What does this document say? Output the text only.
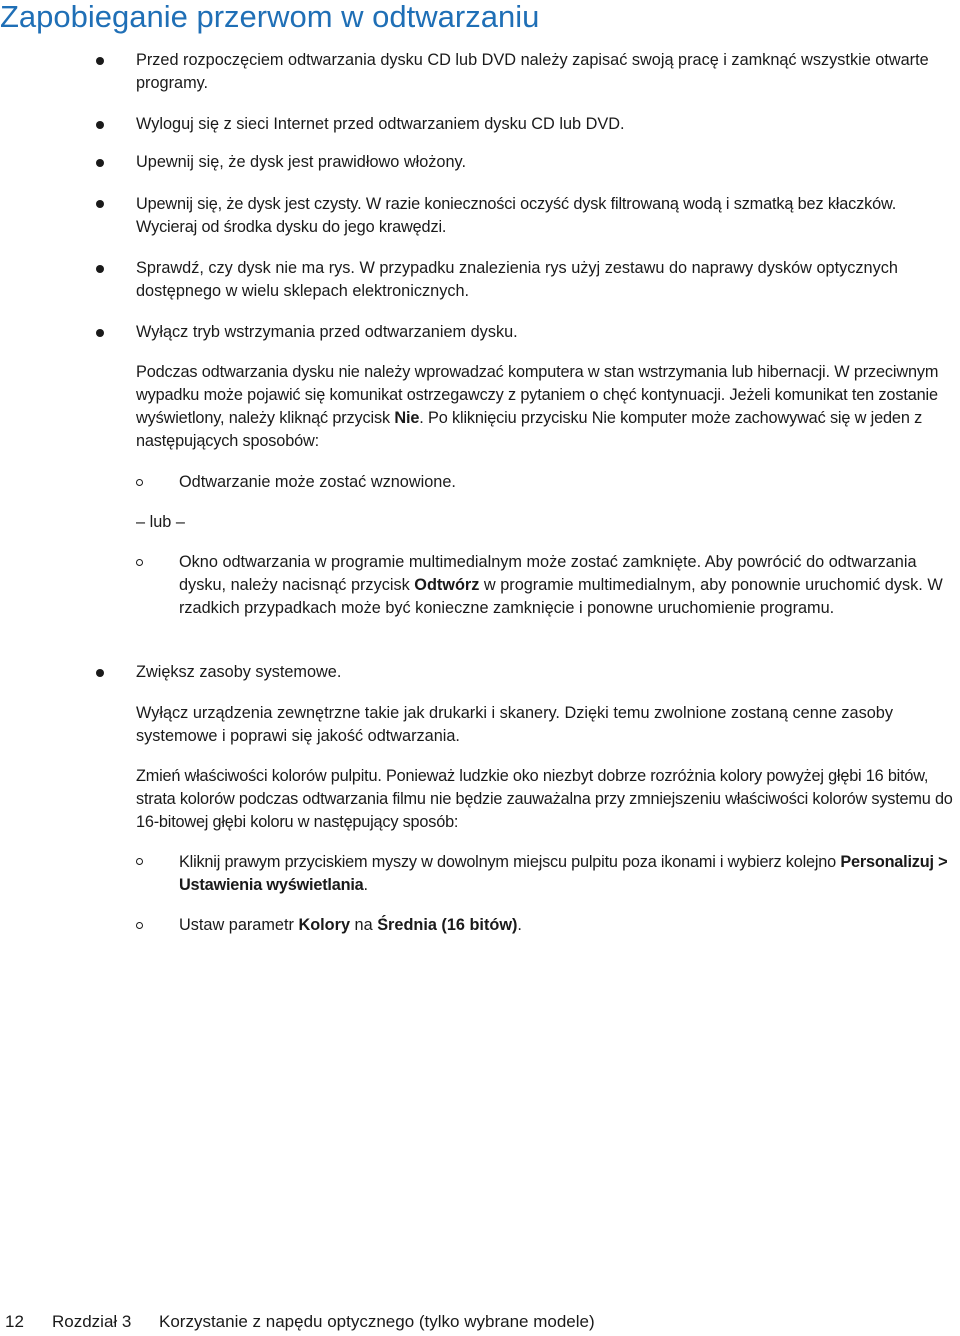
Zapobieganie przerwom w odtwarzaniu

Przed rozpoczęciem odtwarzania dysku CD lub DVD należy zapisać swoją pracę i zamknąć wszystkie otwarte programy.

Wyloguj się z sieci Internet przed odtwarzaniem dysku CD lub DVD.

Upewnij się, że dysk jest prawidłowo włożony.

Upewnij się, że dysk jest czysty. W razie konieczności oczyść dysk filtrowaną wodą i szmatką bez kłaczków. Wycieraj od środka dysku do jego krawędzi.

Sprawdź, czy dysk nie ma rys. W przypadku znalezienia rys użyj zestawu do naprawy dysków optycznych dostępnego w wielu sklepach elektronicznych.

Wyłącz tryb wstrzymania przed odtwarzaniem dysku.

Podczas odtwarzania dysku nie należy wprowadzać komputera w stan wstrzymania lub hibernacji. W przeciwnym wypadku może pojawić się komunikat ostrzegawczy z pytaniem o chęć kontynuacji. Jeżeli komunikat ten zostanie wyświetlony, należy kliknąć przycisk Nie. Po kliknięciu przycisku Nie komputer może zachowywać się w jeden z następujących sposobów:

Odtwarzanie może zostać wznowione.

– lub –

Okno odtwarzania w programie multimedialnym może zostać zamknięte. Aby powrócić do odtwarzania dysku, należy nacisnąć przycisk Odtwórz w programie multimedialnym, aby ponownie uruchomić dysk. W rzadkich przypadkach może być konieczne zamknięcie i ponowne uruchomienie programu.

Zwiększ zasoby systemowe.

Wyłącz urządzenia zewnętrzne takie jak drukarki i skanery. Dzięki temu zwolnione zostaną cenne zasoby systemowe i poprawi się jakość odtwarzania.

Zmień właściwości kolorów pulpitu. Ponieważ ludzkie oko niezbyt dobrze rozróżnia kolory powyżej głębi 16 bitów, strata kolorów podczas odtwarzania filmu nie będzie zauważalna przy zmniejszeniu właściwości kolorów systemu do 16-bitowej głębi koloru w następujący sposób:

Kliknij prawym przyciskiem myszy w dowolnym miejscu pulpitu poza ikonami i wybierz kolejno Personalizuj > Ustawienia wyświetlania.

Ustaw parametr Kolory na Średnia (16 bitów).

12 Rozdział 3 Korzystanie z napędu optycznego (tylko wybrane modele)
